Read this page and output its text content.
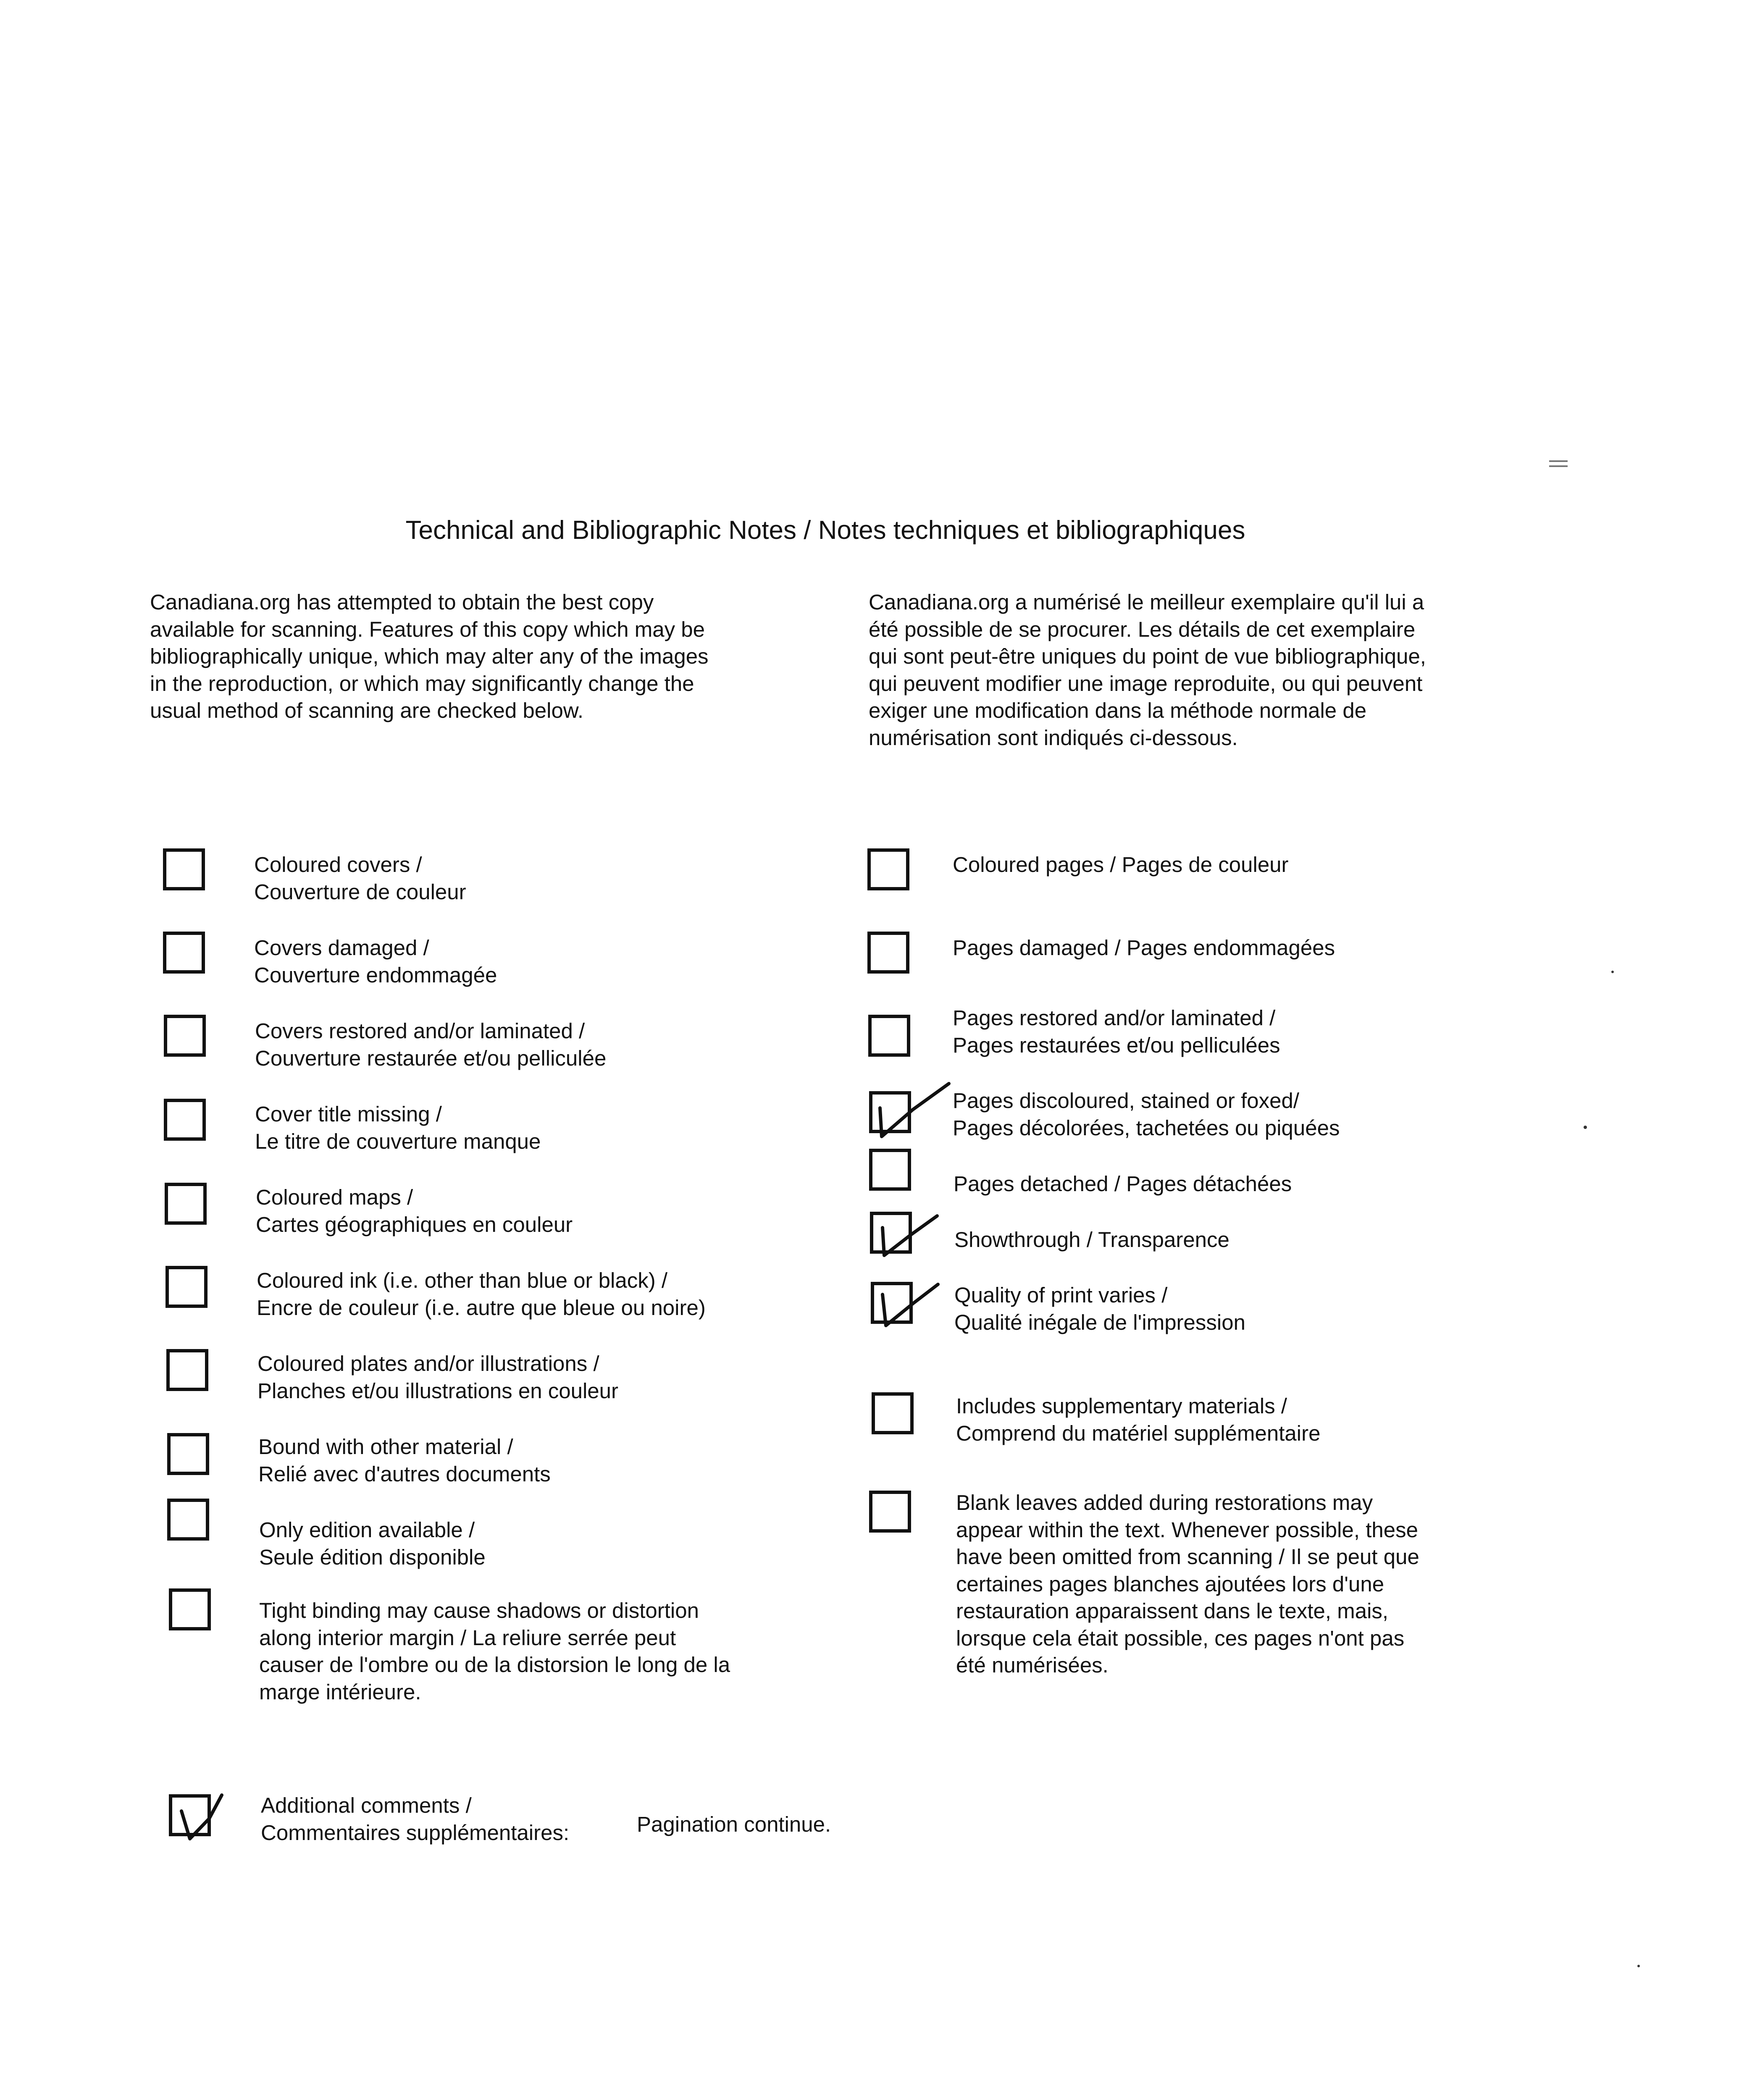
Technical and Bibliographic Notes / Notes techniques et bibliographiques
Canadiana.org has attempted to obtain the best copy
available for scanning. Features of this copy which may be
bibliographically unique, which may alter any of the images
in the reproduction, or which may significantly change the
usual method of scanning are checked below.
Canadiana.org a numérisé le meilleur exemplaire qu'il lui a
été possible de se procurer. Les détails de cet exemplaire
qui sont peut-être uniques du point de vue bibliographique,
qui peuvent modifier une image reproduite, ou qui peuvent
exiger une modification dans la méthode normale de
numérisation sont indiqués ci-dessous.
Coloured covers /
Couverture de couleur
Covers damaged /
Couverture endommagée
Covers restored and/or laminated /
Couverture restaurée et/ou pelliculée
Cover title missing /
Le titre de couverture manque
Coloured maps /
Cartes géographiques en couleur
Coloured ink (i.e. other than blue or black) /
Encre de couleur (i.e. autre que bleue ou noire)
Coloured plates and/or illustrations /
Planches et/ou illustrations en couleur
Bound with other material /
Relié avec d'autres documents
Only edition available /
Seule édition disponible
Tight binding may cause shadows or distortion
along interior margin / La reliure serrée peut
causer de l'ombre ou de la distorsion le long de la
marge intérieure.
Coloured pages / Pages de couleur
Pages damaged / Pages endommagées
Pages restored and/or laminated /
Pages restaurées et/ou pelliculées
Pages discoloured, stained or foxed/
Pages décolorées, tachetées ou piquées
Pages detached / Pages détachées
Showthrough / Transparence
Quality of print varies /
Qualité inégale de l'impression
Includes supplementary materials /
Comprend du matériel supplémentaire
Blank leaves added during restorations may
appear within the text. Whenever possible, these
have been omitted from scanning / Il se peut que
certaines pages blanches ajoutées lors d'une
restauration apparaissent dans le texte, mais,
lorsque cela était possible, ces pages n'ont pas
été numérisées.
Additional comments /
Commentaires supplémentaires:	Pagination continue.
